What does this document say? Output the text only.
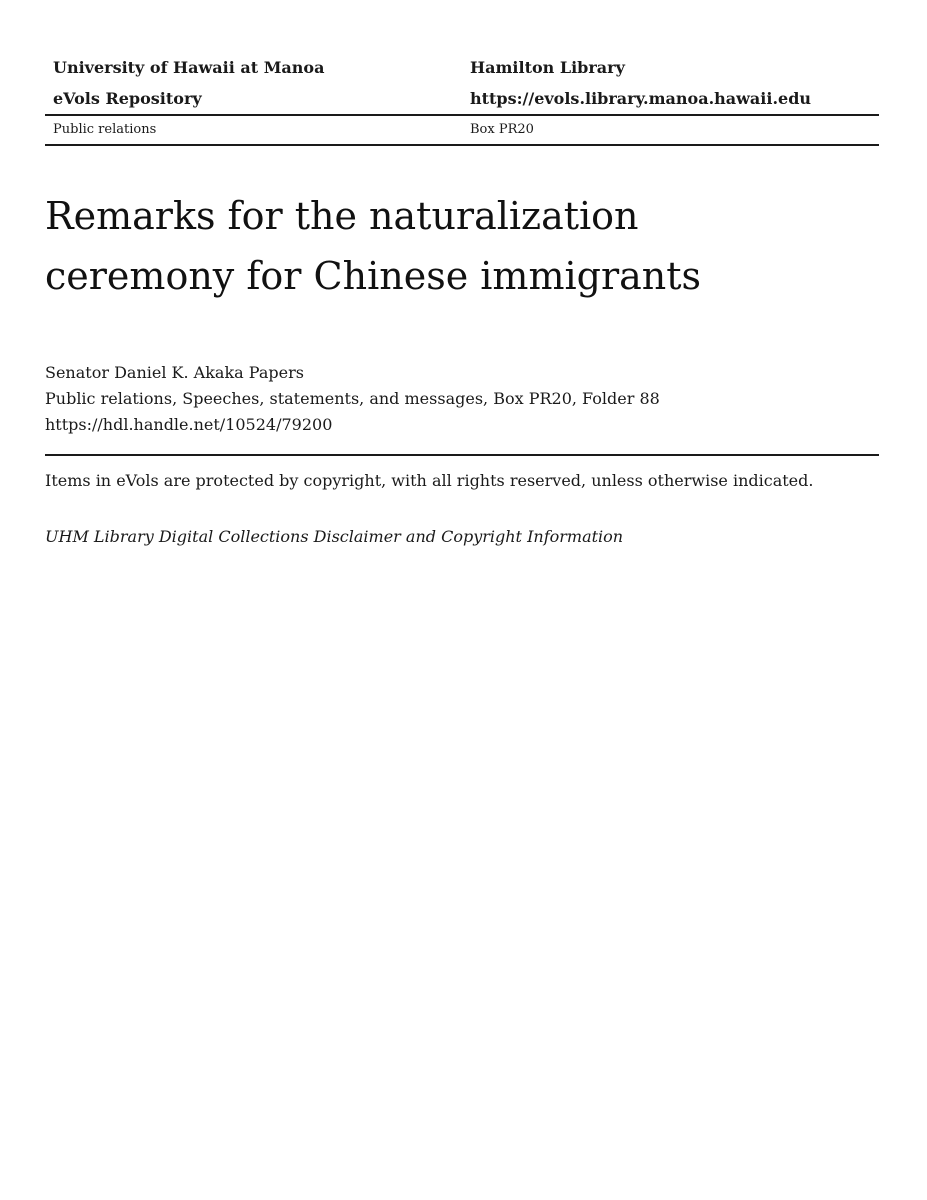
University of Hawaii at Manoa	Hamilton Library
eVols Repository	https://evols.library.manoa.hawaii.edu
Public relations	Box PR20
Remarks for the naturalization
ceremony for Chinese immigrants
Senator Daniel K. Akaka Papers
Public relations, Speeches, statements, and messages, Box PR20, Folder 88
https://hdl.handle.net/10524/79200
Items in eVols are protected by copyright, with all rights reserved, unless otherwise indicated.
UHM Library Digital Collections Disclaimer and Copyright Information
